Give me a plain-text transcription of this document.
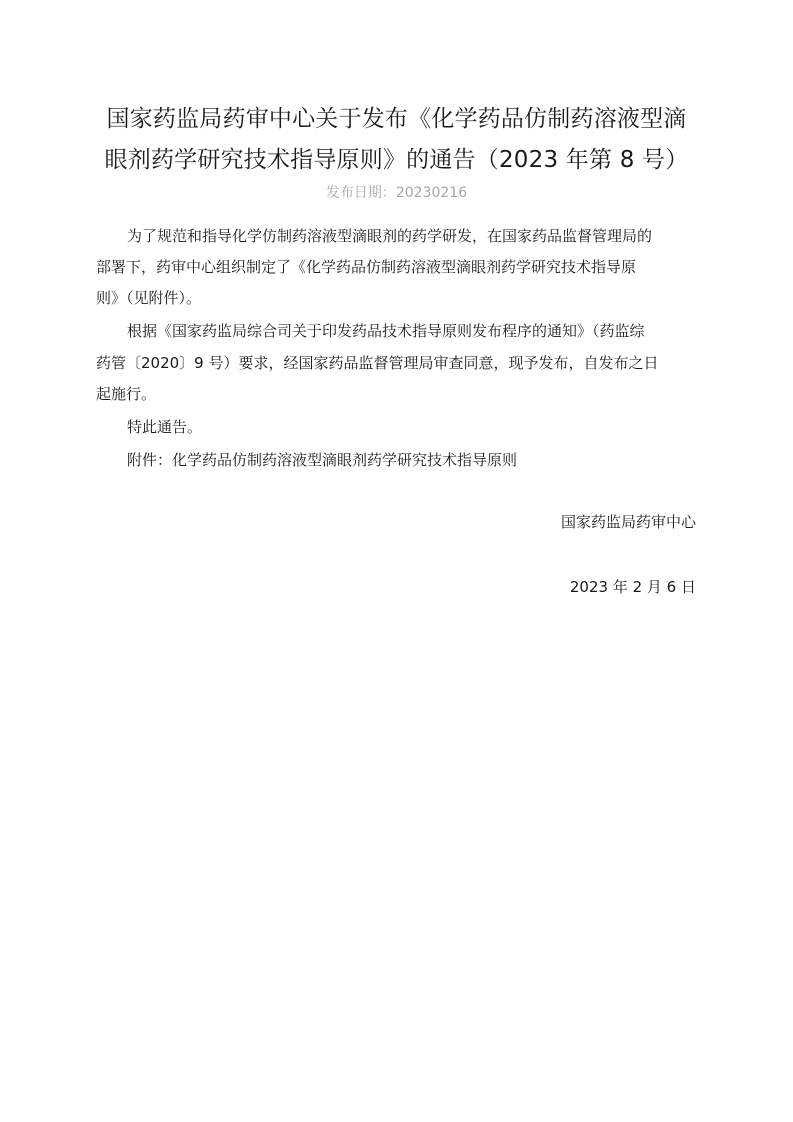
国家药监局药审中心关于发布《化学药品仿制药溶液型滴
眼剂药学研究技术指导原则》的通告（2023 年第 8 号）
发布日期：20230216
为了规范和指导化学仿制药溶液型滴眼剂的药学研发，在国家药品监督管理局的
部署下，药审中心组织制定了《化学药品仿制药溶液型滴眼剂药学研究技术指导原
则》（见附件）。
根据《国家药监局综合司关于印发药品技术指导原则发布程序的通知》（药监综
药管〔2020〕9 号）要求，经国家药品监督管理局审查同意，现予发布，自发布之日
起施行。
特此通告。
附件：化学药品仿制药溶液型滴眼剂药学研究技术指导原则
国家药监局药审中心
2023 年 2 月 6 日
